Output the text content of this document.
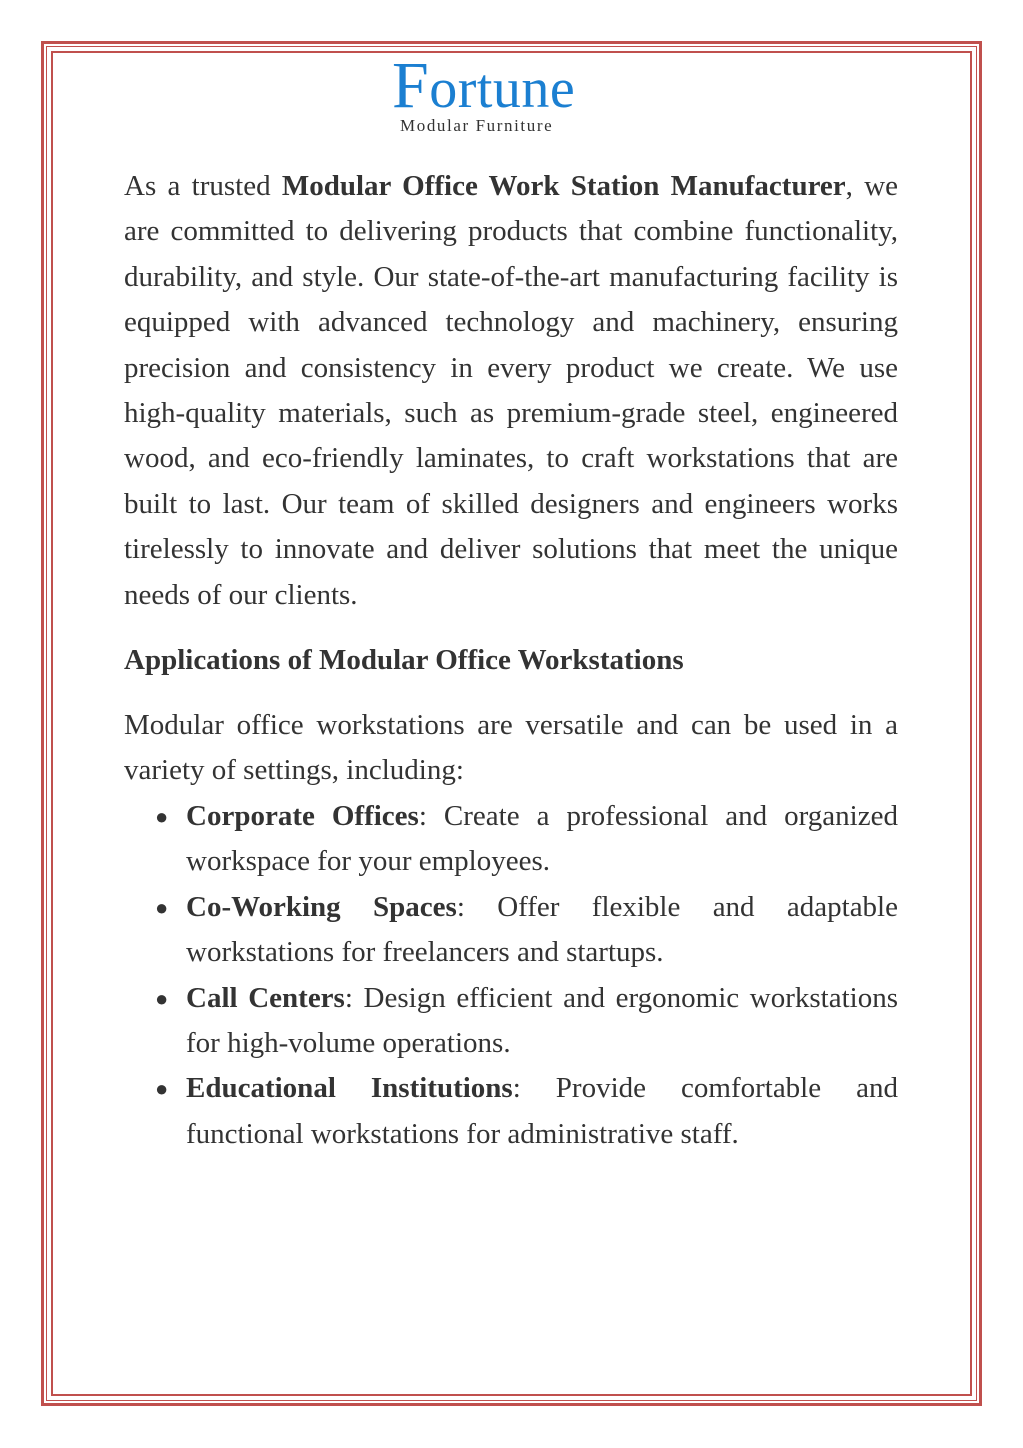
Fortune
Modular Furniture

As a trusted Modular Office Work Station Manufacturer, we are committed to delivering products that combine functionality, durability, and style. Our state-of-the-art manufacturing facility is equipped with advanced technology and machinery, ensuring precision and consistency in every product we create. We use high-quality materials, such as premium-grade steel, engineered wood, and eco-friendly laminates, to craft workstations that are built to last. Our team of skilled designers and engineers works tirelessly to innovate and deliver solutions that meet the unique needs of our clients.

Applications of Modular Office Workstations

Modular office workstations are versatile and can be used in a variety of settings, including:

● Corporate Offices: Create a professional and organized workspace for your employees.
● Co-Working Spaces: Offer flexible and adaptable workstations for freelancers and startups.
● Call Centers: Design efficient and ergonomic workstations for high-volume operations.
● Educational Institutions: Provide comfortable and functional workstations for administrative staff.
